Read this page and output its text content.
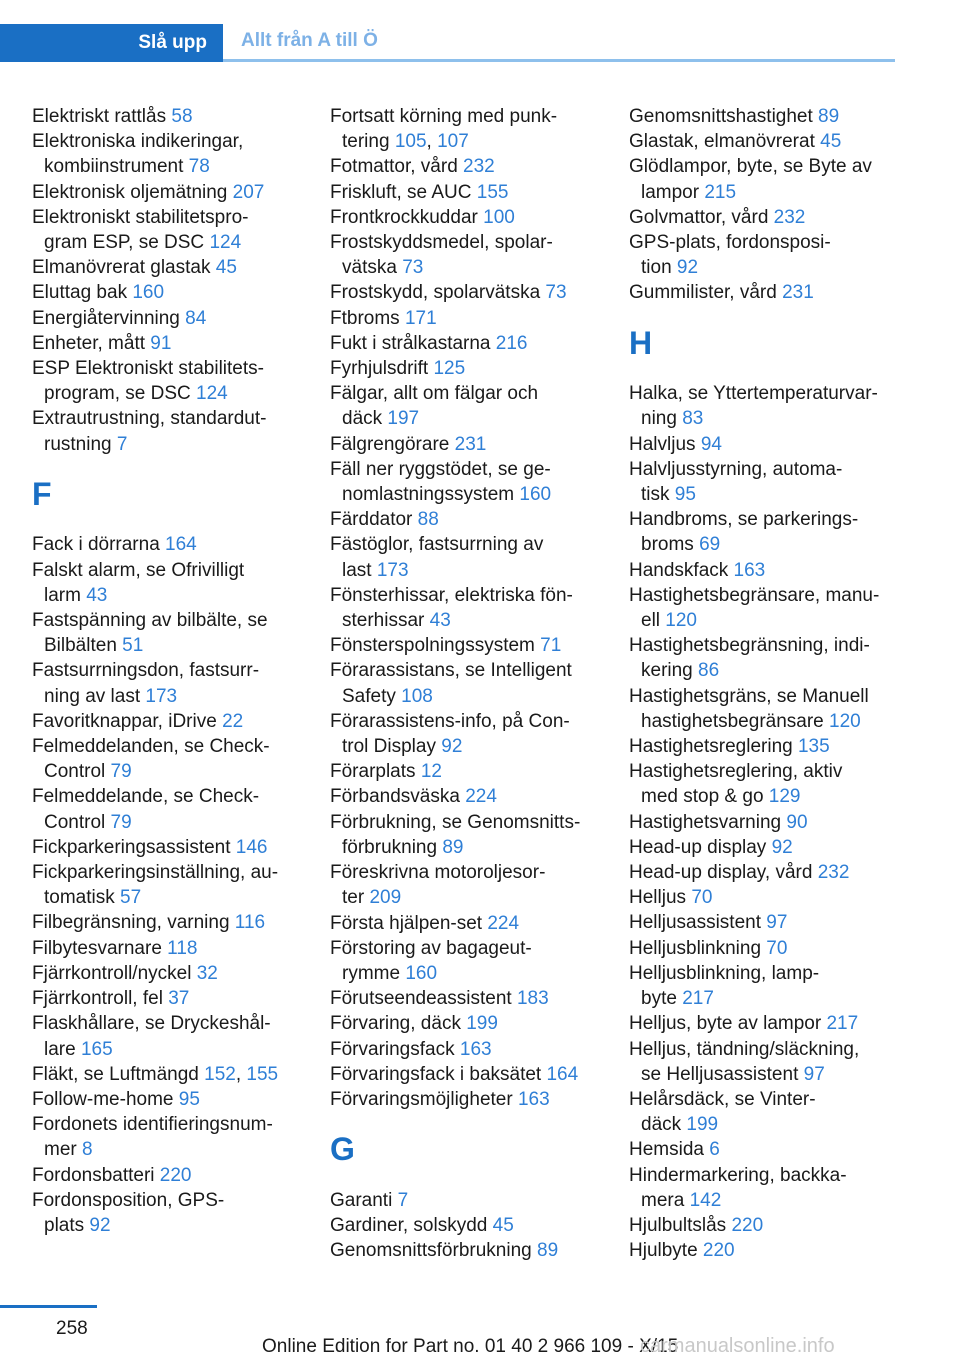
Slå upp	Allt från A till Ö
Elektriskt rattlås 58
Elektroniska indikeringar,
kombiinstrument 78
Elektronisk oljemätning 207
Elektroniskt stabilitetspro‐
gram ESP, se DSC 124
Elmanövrerat glastak 45
Eluttag bak 160
Energiåtervinning 84
Enheter, mått 91
ESP Elektroniskt stabilitets‐
program, se DSC 124
Extrautrustning, standardut‐
rustning 7
F
Fack i dörrarna 164
Falskt alarm, se Ofrivilligt
larm 43
Fastspänning av bilbälte, se
Bilbälten 51
Fastsurrningsdon, fastsurr‐
ning av last 173
Favoritknappar, iDrive 22
Felmeddelanden, se Check-
Control 79
Felmeddelande, se Check-
Control 79
Fickparkeringsassistent 146
Fickparkeringsinställning, au‐
tomatisk 57
Filbegränsning, varning 116
Filbytesvarnare 118
Fjärrkontroll/nyckel 32
Fjärrkontroll, fel 37
Flaskhållare, se Dryckeshål‐
lare 165
Fläkt, se Luftmängd 152, 155
Follow-me-home 95
Fordonets identifieringsnum‐
mer 8
Fordonsbatteri 220
Fordonsposition, GPS-
plats 92
Fortsatt körning med punk‐
tering 105, 107
Fotmattor, vård 232
Friskluft, se AUC 155
Frontkrockkuddar 100
Frostskyddsmedel, spolar‐
vätska 73
Frostskydd, spolarvätska 73
Ftbroms 171
Fukt i strålkastarna 216
Fyrhjulsdrift 125
Fälgar, allt om fälgar och
däck 197
Fälgrengörare 231
Fäll ner ryggstödet, se ge‐
nomlastningssystem 160
Färddator 88
Fästöglor, fastsurrning av
last 173
Fönsterhissar, elektriska fön‐
sterhissar 43
Fönsterspolningssystem 71
Förarassistans, se Intelligent
Safety 108
Förarassistens-info, på Con‐
trol Display 92
Förarplats 12
Förbandsväska 224
Förbrukning, se Genomsnitts‐
förbrukning 89
Föreskrivna motoroljesor‐
ter 209
Första hjälpen-set 224
Förstoring av bagageut‐
rymme 160
Förutseendeassistent 183
Förvaring, däck 199
Förvaringsfack 163
Förvaringsfack i baksätet 164
Förvaringsmöjligheter 163
G
Garanti 7
Gardiner, solskydd 45
Genomsnittsförbrukning 89
Genomsnittshastighet 89
Glastak, elmanövrerat 45
Glödlampor, byte, se Byte av
lampor 215
Golvmattor, vård 232
GPS-plats, fordonsposi‐
tion 92
Gummilister, vård 231
H
Halka, se Yttertemperaturvar‐
ning 83
Halvljus 94
Halvljusstyrning, automa‐
tisk 95
Handbroms, se parkerings‐
broms 69
Handskfack 163
Hastighetsbegränsare, manu‐
ell 120
Hastighetsbegränsning, indi‐
kering 86
Hastighetsgräns, se Manuell
hastighetsbegränsare 120
Hastighetsreglering 135
Hastighetsreglering, aktiv
med stop & go 129
Hastighetsvarning 90
Head-up display 92
Head-up display, vård 232
Helljus 70
Helljusassistent 97
Helljusblinkning 70
Helljusblinkning, lamp‐
byte 217
Helljus, byte av lampor 217
Helljus, tändning/släckning,
se Helljusassistent 97
Helårsdäck, se Vinter‐
däck 199
Hemsida 6
Hindermarkering, backka‐
mera 142
Hjulbultslås 220
Hjulbyte 220
258
Online Edition for Part no. 01 40 2 966 109 - X/15
carmanualsonline.info
